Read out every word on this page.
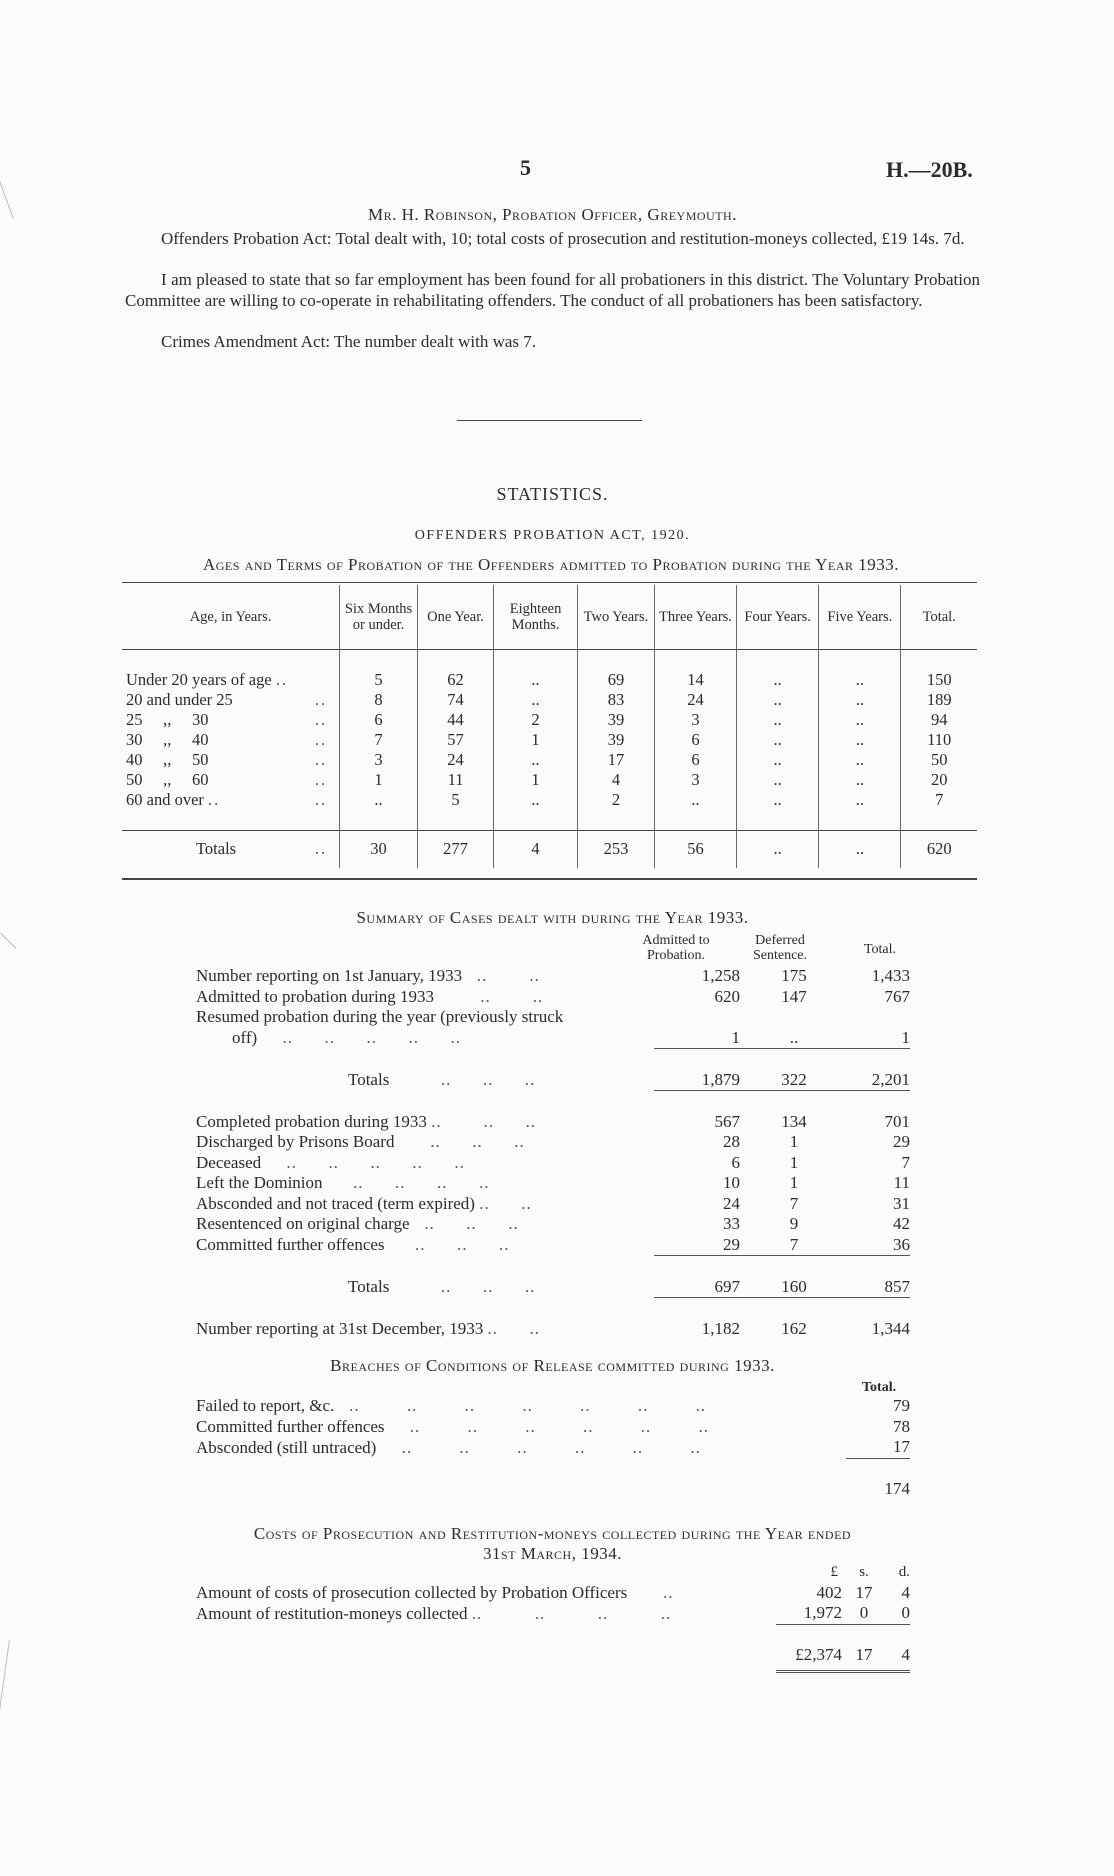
5	H.—20B.
Mr. H. Robinson, Probation Officer, Greymouth.
Offenders Probation Act: Total dealt with, 10; total costs of prosecution and restitution-moneys collected, £19 14s. 7d.
I am pleased to state that so far employment has been found for all probationers in this district. The Voluntary Probation Committee are willing to co-operate in rehabilitating offenders. The conduct of all probationers has been satisfactory.
Crimes Amendment Act: The number dealt with was 7.
STATISTICS.
OFFENDERS PROBATION ACT, 1920.
Ages and Terms of Probation of the Offenders admitted to Probation during the Year 1933.
Age, in Years.	Six Months or under.	One Year.	Eighteen Months.	Two Years.	Three Years.	Four Years.	Five Years.	Total.

Under 20 years of age ..	5	62	..	69	14	..	..	150
20 and under 25 ..	8	74	..	83	24	..	..	189
25     ,,     30 ..	6	44	2	39	3	..	..	94
30     ,,     40 ..	7	57	1	39	6	..	..	110
40     ,,     50 ..	3	24	..	17	6	..	..	50
50     ,,     60 ..	1	11	1	4	3	..	..	20
60 and over .. ..	..	5	..	2	..	..	..	7

Totals ..	30	277	4	253	56	..	..	620
Summary of Cases dealt with during the Year 1933.
Admitted to Probation.
Deferred Sentence.	Total.
Number reporting on 1st January, 1933   ..        ..	1,258	175	1,433
Admitted to probation during 1933         ..        ..	620	147	767
Resumed probation during the year (previously struck			
off)     ..      ..      ..      ..      ..	1	..	1

Totals          ..      ..      ..	1,879	322	2,201

Completed probation during 1933 ..        ..      ..	567	134	701
Discharged by Prisons Board       ..      ..      ..	28	1	29
Deceased     ..      ..      ..      ..      ..	6	1	7
Left the Dominion      ..      ..      ..      ..	10	1	11
Absconded and not traced (term expired) ..      ..	24	7	31
Resentenced on original charge   ..      ..      ..	33	9	42
Committed further offences      ..      ..      ..	29	7	36

Totals          ..      ..      ..	697	160	857

Number reporting at 31st December, 1933 ..      ..	1,182	162	1,344
Breaches of Conditions of Release committed during 1933.
Total.
Failed to report, &c.   ..         ..         ..         ..         ..         ..         ..	79
Committed further offences     ..         ..         ..         ..         ..         ..	78
Absconded (still untraced)     ..         ..         ..         ..         ..         ..	17

	174
Costs of Prosecution and Restitution-moneys collected during the Year ended
31st March, 1934.
	£	s.	d.
Amount of costs of prosecution collected by Probation Officers       ..	402	17	4
Amount of restitution-moneys collected ..          ..          ..          ..	1,972	0	0

	£2,374	17	4
